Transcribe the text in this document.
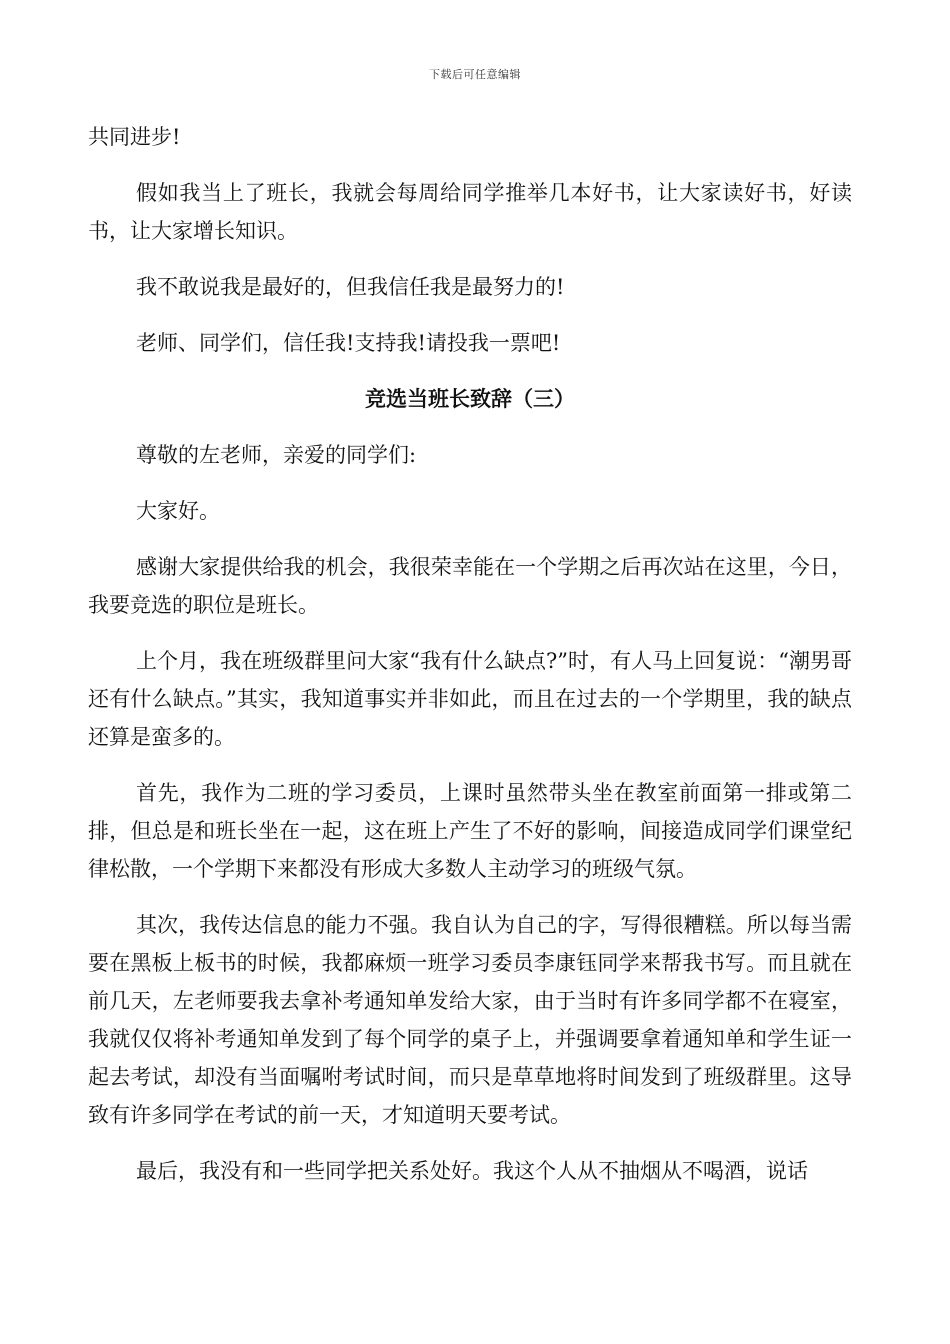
下载后可任意编辑

共同进步!

假如我当上了班长，我就会每周给同学推举几本好书，让大家读好书，好读书，让大家增长知识。

我不敢说我是最好的，但我信任我是最努力的!

老师、同学们，信任我!支持我!请投我一票吧!

竞选当班长致辞（三）

尊敬的左老师，亲爱的同学们:

大家好。

感谢大家提供给我的机会，我很荣幸能在一个学期之后再次站在这里，今日，我要竞选的职位是班长。

上个月，我在班级群里问大家“我有什么缺点?”时，有人马上回复说：“潮男哥还有什么缺点。”其实，我知道事实并非如此，而且在过去的一个学期里，我的缺点还算是蛮多的。

首先，我作为二班的学习委员，上课时虽然带头坐在教室前面第一排或第二排，但总是和班长坐在一起，这在班上产生了不好的影响，间接造成同学们课堂纪律松散，一个学期下来都没有形成大多数人主动学习的班级气氛。

其次，我传达信息的能力不强。我自认为自己的字，写得很糟糕。所以每当需要在黑板上板书的时候，我都麻烦一班学习委员李康钰同学来帮我书写。而且就在前几天，左老师要我去拿补考通知单发给大家，由于当时有许多同学都不在寝室，我就仅仅将补考通知单发到了每个同学的桌子上，并强调要拿着通知单和学生证一起去考试，却没有当面嘱咐考试时间，而只是草草地将时间发到了班级群里。这导致有许多同学在考试的前一天，才知道明天要考试。

最后，我没有和一些同学把关系处好。我这个人从不抽烟从不喝酒，说话
